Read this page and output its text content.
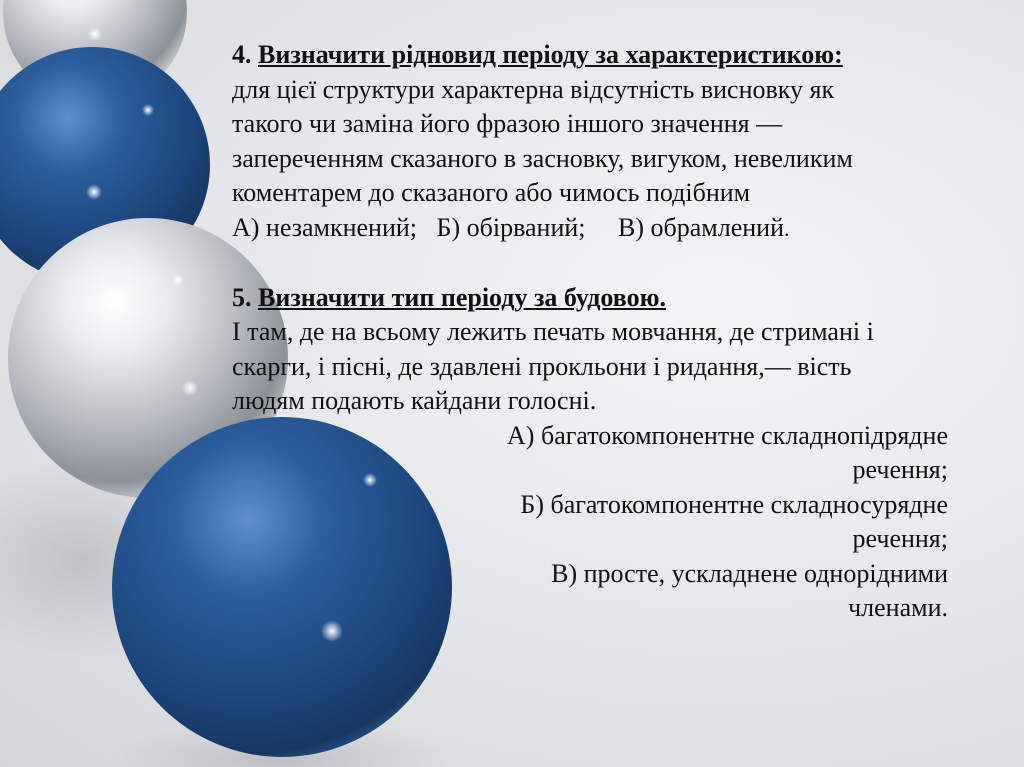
4. Визначити рідновид періоду за характеристикою:

для цієї структури характерна відсутність висновку як

такого чи заміна його фразою іншого значення —

запереченням сказаного в засновку, вигуком, невеликим

коментарем до сказаного або чимось подібним

А) незамкнений; Б) обірваний; В) обрамлений.

5. Визначити тип періоду за будовою.

І там, де на всьому лежить печать мовчання, де стримані і

скарги, і пісні, де здавлені прокльони і ридання,— вість

людям подають кайдани голосні.

А) багатокомпонентне складнопідрядне

речення;

Б) багатокомпонентне складносурядне

речення;

В) просте, ускладнене однорідними

членами.
